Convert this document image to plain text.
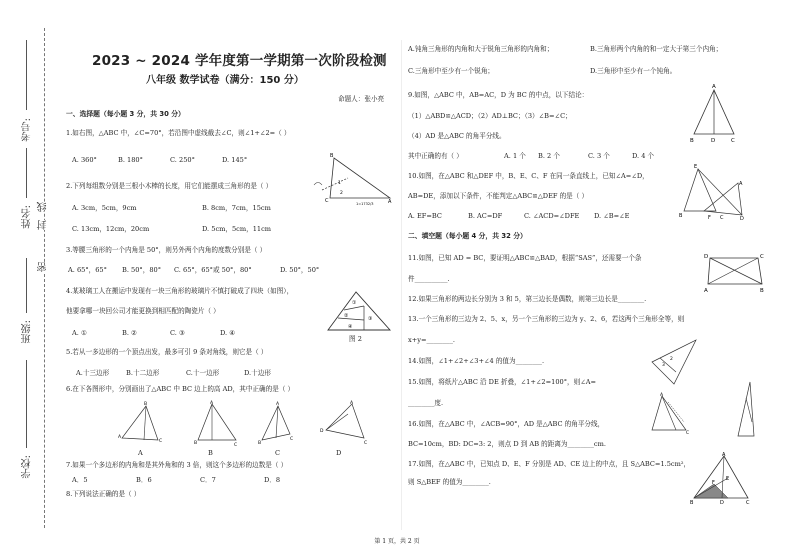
考号:
姓名: 封
线
密
班级:
学校:
2023 ~ 2024 学年度第一学期第一次阶段检测
八年级 数学试卷（满分：150 分）
命题人：张小亮
一、选择题（每小题 3 分，共 30 分）
1.如右图，△ABC 中，∠C=70°，若沿图中虚线截去∠C，则∠1+∠2=（ ）
A. 360°	B. 180°	C. 250°	D. 145°
2.下列每组数分别是三根小木棒的长度，用它们能摆成三角形的是（ ）
A. 3cm，5cm，9cm	B. 8cm，7cm，15cm
C. 13cm，12cm，20cm	D. 5cm，5cm，11cm
3.等腰三角形的一个内角是 50°，则另外两个内角的度数分别是（ ）
A. 65°，65° B. 50°，80° C. 65°，65°或 50°，80°	D. 50°，50°
4.某玻璃工人在搬运中发现有一块三角形的玻璃片不慎打破成了四块（如图），
他要拿哪一块回公司才能更换到相匹配的陶瓷片（ ）
A. ①	B. ②	C. ③	D. ④
图 2
5.若从一多边形的一个顶点出发，最多可引 9 条对角线，则它是（ ）
A.十三边形	B.十二边形	C.十一边形	D.十边形
6.在下各图形中，分别画出了△ABC 中 BC 边上的高 AD，其中正确的是（ ）
A	B	C	D
7.如果一个多边形的内角和是其外角和的 3 倍，则这个多边形的边数是（ ）
A．5	B．6	C．7	D．8
8.下列说法正确的是（ ）
B
C	A
1
2
1=1732/3
①
②	③
④
B
A
C
A
B	C
A
B
C
A
D
C
A.钝角三角形的内角和大于锐角三角形的内角和；	B.三角形两个内角的和一定大于第三个内角；
C.三角形中至少有一个锐角；	D.三角形中至少有一个钝角。
9.如图，△ABC 中，AB=AC，D 为 BC 的中点，以下结论：
（1）△ABD≌△ACD；（2）AD⊥BC；（3）∠B=∠C；
（4）AD 是△ABC 的角平分线。
其中正确的有（ ）	A. 1 个 B. 2 个	C. 3 个	D. 4 个
10.如图，在△ABC 和△DEF 中，B、E、C、F 在同一条直线上，已知∠A=∠D，
AB=DE，添加以下条件，不能判定△ABC≌△DEF 的是（ ）
A. EF=BC	B. AC=DF	C. ∠ACD=∠DFE D. ∠B=∠E
二、填空题（每小题 4 分，共 32 分）
11.如图，已知 AD = BC，要证明△ABC≌△BAD，根据“SAS”，还需要一个条
件__________.
12.如果三角形的两边长分别为 3 和 5，第三边长是偶数，则第三边长是________.
13.一个三角形的三边为 2、5、x，另一个三角形的三边为 y、2、6，若这两个三角形全等，则
x+y=________.
14.如图，∠1+∠2+∠3+∠4 的值为________.
15.如图，将纸片△ABC 沿 DE 折叠，∠1+∠2=100°，则∠A=
________度.
16.如图，在△ABC 中，∠ACB=90°，AD 是△ABC 的角平分线，
BC=10cm，BD: DC=3: 2，则点 D 到 AB 的距离为________cm.
17.如图，在△ABC 中，已知点 D、E、F 分别是 AD、CE 边上的中点，且 S△ABC=1.5cm²，
则 S△BEF 的值为________.
A
B	D	C
E
A
B	F C	D
D	C
A	B
3
2
A
C
A
E
F
B	D	C
第 1 页，共 2 页
